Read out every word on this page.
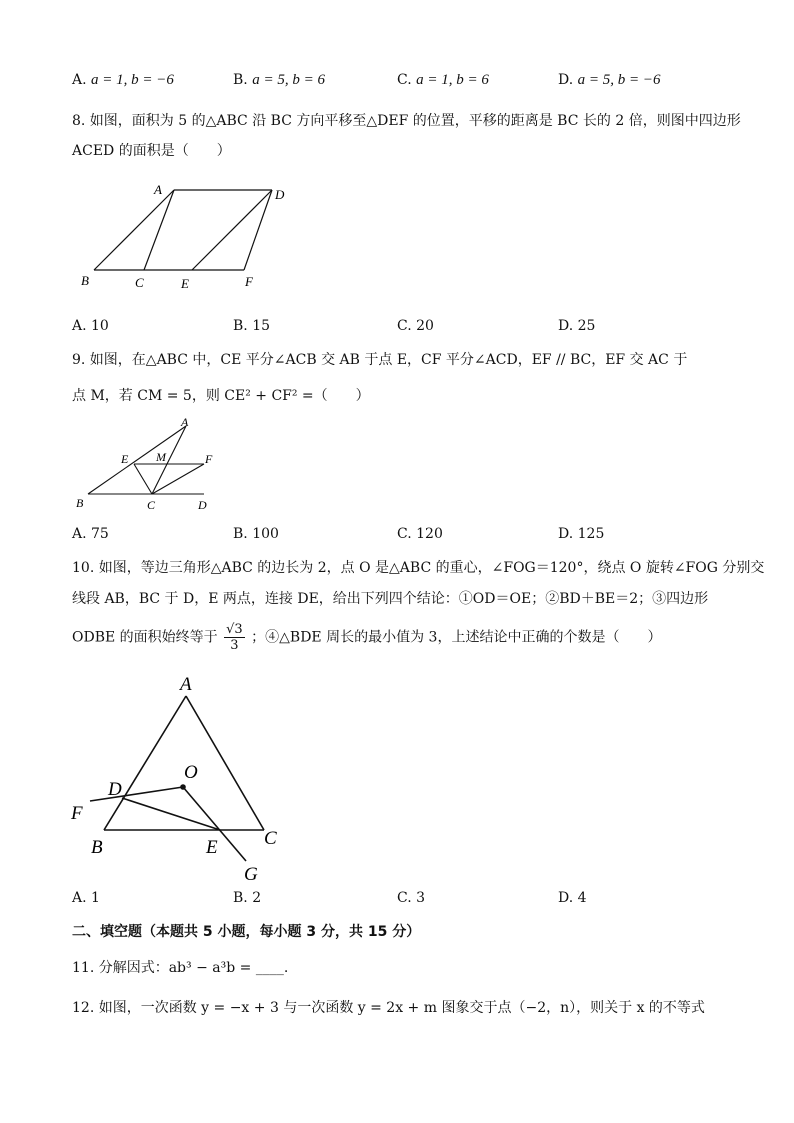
A. a = 1, b = −6	B. a = 5, b = 6	C. a = 1, b = 6	D. a = 5, b = −6
8. 如图，面积为 5 的△ABC 沿 BC 方向平移至△DEF 的位置，平移的距离是 BC 长的 2 倍，则图中四边形
ACED 的面积是（　　）
A	D
B	C	E	F
A. 10	B. 15	C. 20	D. 25
9. 如图，在△ABC 中，CE 平分∠ACB 交 AB 于点 E，CF 平分∠ACD，EF // BC，EF 交 AC 于
点 M，若 CM = 5，则 CE² + CF² =（　　）
A
E M	F
B	C	D
A. 75	B. 100	C. 120	D. 125
10. 如图，等边三角形△ABC 的边长为 2，点 O 是△ABC 的重心，∠FOG＝120°，绕点 O 旋转∠FOG 分别交
线段 AB，BC 于 D，E 两点，连接 DE，给出下列四个结论：①OD＝OE；②BD＋BE＝2；③四边形
ODBE 的面积始终等于 $\frac{√3}{3}$ ；④△BDE 周长的最小值为 3，上述结论中正确的个数是（　　）
A
O
D
F
C
B	E
G
A. 1	B. 2	C. 3	D. 4
二、填空题（本题共 5 小题，每小题 3 分，共 15 分）
11. 分解因式：ab³ − a³b = ____.
12. 如图，一次函数 y = −x + 3 与一次函数 y = 2x + m 图象交于点（−2，n），则关于 x 的不等式
